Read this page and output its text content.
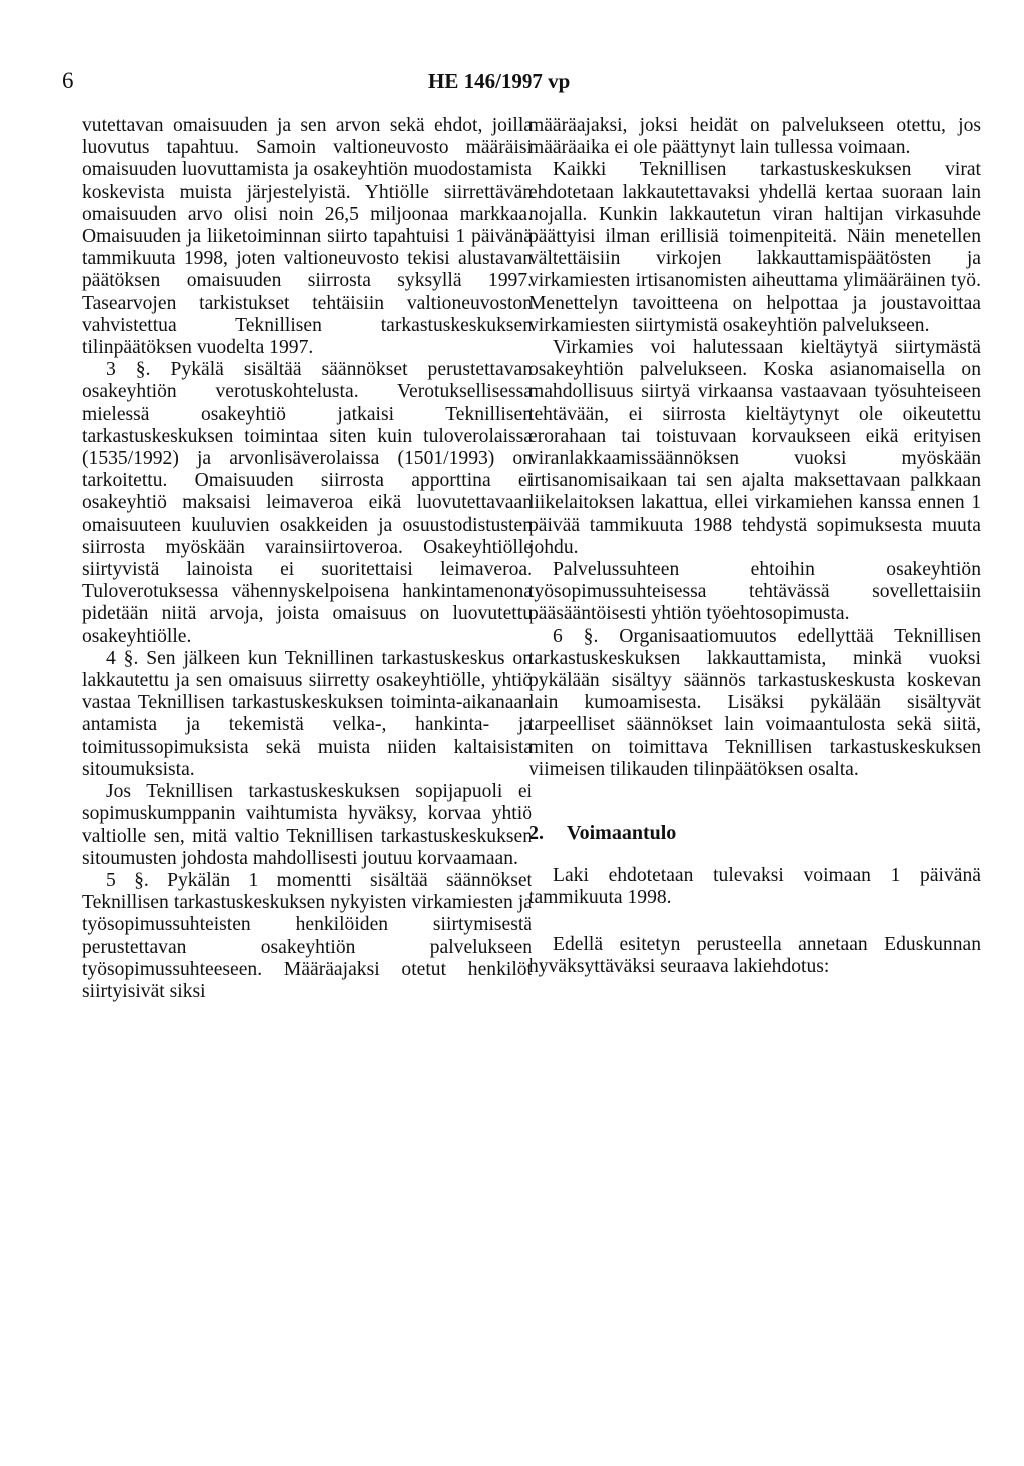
6	HE 146/1997 vp

vutettavan omaisuuden ja sen arvon sekä ehdot, joilla luovutus tapahtuu. Samoin valtioneuvosto määräisi omaisuuden luovuttamista ja osakeyhtiön muodostamista koskevista muista järjestelyistä. Yhtiölle siirrettävän omaisuuden arvo olisi noin 26,5 miljoonaa markkaa. Omaisuuden ja liiketoiminnan siirto tapahtuisi 1 päivänä tammikuuta 1998, joten valtioneuvosto tekisi alustavan päätöksen omaisuuden siirrosta syksyllä 1997. Tasearvojen tarkistukset tehtäisiin valtioneuvoston vahvistettua Teknillisen tarkastuskeskuksen tilinpäätöksen vuodelta 1997.

3 §. Pykälä sisältää säännökset perustettavan osakeyhtiön verotuskohtelusta. Verotuksellisessa mielessä osakeyhtiö jatkaisi Teknillisen tarkastuskeskuksen toimintaa siten kuin tuloverolaissa (1535/1992) ja arvonlisäverolaissa (1501/1993) on tarkoitettu. Omaisuuden siirrosta apporttina ei osakeyhtiö maksaisi leimaveroa eikä luovutettavaan omaisuuteen kuuluvien osakkeiden ja osuustodistusten siirrosta myöskään varainsiirtoveroa. Osakeyhtiölle siirtyvistä lainoista ei suoritettaisi leimaveroa. Tuloverotuksessa vähennyskelpoisena hankintamenona pidetään niitä arvoja, joista omaisuus on luovutettu osakeyhtiölle.

4 §. Sen jälkeen kun Teknillinen tarkastuskeskus on lakkautettu ja sen omaisuus siirretty osakeyhtiölle, yhtiö vastaa Teknillisen tarkastuskeskuksen toiminta-aikanaan antamista ja tekemistä velka-, hankinta- ja toimitussopimuksista sekä muista niiden kaltaisista sitoumuksista.

Jos Teknillisen tarkastuskeskuksen sopijapuoli ei sopimuskumppanin vaihtumista hyväksy, korvaa yhtiö valtiolle sen, mitä valtio Teknillisen tarkastuskeskuksen sitoumusten johdosta mahdollisesti joutuu korvaamaan.

5 §. Pykälän 1 momentti sisältää säännökset Teknillisen tarkastuskeskuksen nykyisten virkamiesten ja työsopimussuhteisten henkilöiden siirtymisestä perustettavan osakeyhtiön palvelukseen työsopimussuhteeseen. Määräajaksi otetut henkilöt siirtyisivät siksi

määräajaksi, joksi heidät on palvelukseen otettu, jos määräaika ei ole päättynyt lain tullessa voimaan.

Kaikki Teknillisen tarkastuskeskuksen virat ehdotetaan lakkautettavaksi yhdellä kertaa suoraan lain nojalla. Kunkin lakkautetun viran haltijan virkasuhde päättyisi ilman erillisiä toimenpiteitä. Näin menetellen vältettäisiin virkojen lakkauttamispäätösten ja virkamiesten irtisanomisten aiheuttama ylimääräinen työ. Menettelyn tavoitteena on helpottaa ja joustavoittaa virkamiesten siirtymistä osakeyhtiön palvelukseen.

Virkamies voi halutessaan kieltäytyä siirtymästä osakeyhtiön palvelukseen. Koska asianomaisella on mahdollisuus siirtyä virkaansa vastaavaan työsuhteiseen tehtävään, ei siirrosta kieltäytynyt ole oikeutettu erorahaan tai toistuvaan korvaukseen eikä erityisen viranlakkaamissäännöksen vuoksi myöskään irtisanomisaikaan tai sen ajalta maksettavaan palkkaan liikelaitoksen lakattua, ellei virkamiehen kanssa ennen 1 päivää tammikuuta 1988 tehdystä sopimuksesta muuta johdu.

Palvelussuhteen ehtoihin osakeyhtiön työsopimussuhteisessa tehtävässä sovellettaisiin pääsääntöisesti yhtiön työehtosopimusta.

6 §. Organisaatiomuutos edellyttää Teknillisen tarkastuskeskuksen lakkauttamista, minkä vuoksi pykälään sisältyy säännös tarkastuskeskusta koskevan lain kumoamisesta. Lisäksi pykälään sisältyvät tarpeelliset säännökset lain voimaantulosta sekä siitä, miten on toimittava Teknillisen tarkastuskeskuksen viimeisen tilikauden tilinpäätöksen osalta.

2. Voimaantulo

Laki ehdotetaan tulevaksi voimaan 1 päivänä tammikuuta 1998.

Edellä esitetyn perusteella annetaan Eduskunnan hyväksyttäväksi seuraava lakiehdotus:
